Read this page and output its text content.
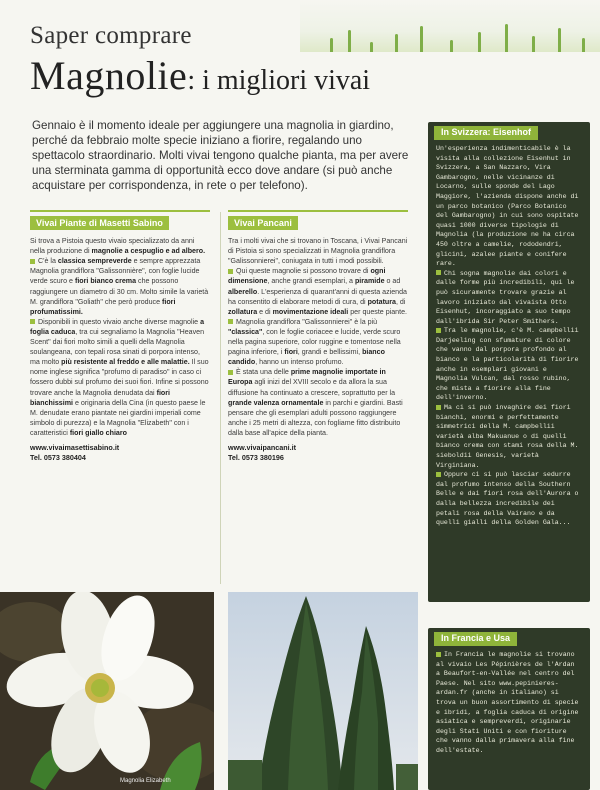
Saper comprare
Magnolie: i migliori vivai
Gennaio è il momento ideale per aggiungere una magnolia in giardino, perché da febbraio molte specie iniziano a fiorire, regalando uno spettacolo straordinario. Molti vivai tengono qualche pianta, ma per avere una sterminata gamma di opportunità ecco dove andare (si può anche acquistare per corrispondenza, in rete o per telefono).
Vivai Piante di Masetti Sabino

Si trova a Pistoia questo vivaio specializzato da anni nella produzione di magnolie a cespuglio e ad albero.

C'è la classica sempreverde e sempre apprezzata Magnolia grandiflora "Galissonnière", con foglie lucide verde scuro e fiori bianco crema che possono raggiungere un diametro di 30 cm. Molto simile la varietà M. grandiflora "Goliath" che però produce fiori profumatissimi.

Disponibili in questo vivaio anche diverse magnolie a foglia caduca, tra cui segnaliamo la Magnolia "Heaven Scent" dai fiori molto simili a quelli della Magnolia soulangeana, con tepali rosa sinati di porpora intenso, ma molto più resistente al freddo e alle malattie. Il suo nome inglese significa "profumo di paradiso" in caso ci fossero dubbi sul profumo dei suoi fiori. Infine si possono trovare anche la Magnolia denudata dai fiori bianchissimi e originaria della Cina (in questo paese le M. denudate erano piantate nei giardini imperiali come simbolo di purezza) e la Magnolia "Elizabeth" con i caratteristici fiori giallo chiaro

www.vivaimasettisabino.it
Tel. 0573 380404
Vivai Pancani

Tra i molti vivai che si trovano in Toscana, i Vivai Pancani di Pistoia si sono specializzati in Magnolia grandiflora "Galissonnierei", coniugata in tutti i modi possibili.

Qui queste magnolie si possono trovare di ogni dimensione, anche grandi esemplari, a piramide o ad alberello. L'esperienza di quarant'anni di questa azienda ha consentito di elaborare metodi di cura, di potatura, di zollatura e di movimentazione ideali per queste piante.

Magnolia grandiflora "Galissonnierei" è la più "classica", con le foglie coriacee e lucide, verde scuro nella pagina superiore, color ruggine e tomentose nella pagina inferiore, i fiori, grandi e bellissimi, bianco candido, hanno un intenso profumo.

È stata una delle prime magnolie importate in Europa agli inizi del XVIII secolo e da allora la sua diffusione ha continuato a crescere, soprattutto per la grande valenza ornamentale in parchi e giardini. Basti pensare che gli esemplari adulti possono raggiungere anche i 25 metri di altezza, con fogliame fitto distribuito dalla base all'apice della pianta.

www.vivaipancani.it
Tel. 0573 380196
In Svizzera: Eisenhof

Un'esperienza indimenticabile è la visita alla collezione Eisenhut in Svizzera, a San Nazzaro, Vira Gambarogno, nelle vicinanze di Locarno, sulle sponde del Lago Maggiore, l'azienda dispone anche di un parco botanico (Parco Botanico del Gambarogno) in cui sono ospitate quasi 1000 diverse tipologie di Magnolia (la produzione ne ha circa 450 oltre a camelie, rododendri, glicini, azalee piante e conifere rare.

Chi sogna magnolie dai colori e dalle forme più incredibili, qui le può sicuramente trovare grazie al lavoro iniziato dal vivaista Otto Eisenhut, incoraggiato a suo tempo dall'ibrida Sir Peter Smithers.

Tra le magnolie, c'è M. campbellii Darjeeling con sfumature di colore che vanno dal porpora profondo al bianco e la particolarità di fiorire anche in esemplari giovani e Magnolia Vulcan, dal rosso rubino, che mista a fiorire alla fine dell'inverno.

Ma ci si può invaghire dei fiori bianchi, enormi e perfettamente simmetrici della M. campbellii varietà alba Makuanue o di quelli bianco crema con stami rosa della M. sieboldii Genesis, varietà Virginiana.

Oppure ci si può lasciar sedurre dal profumo intenso della Southern Belle e dai fiori rosa dell'Aurora o dalla bellezza incredibile dei petali rosa della Vairano e da quelli gialli della Golden Gala...

In Francia e Usa

In Francia le magnolie si trovano al vivaio Les Pépinières de l'Ardan a Beaufort-en-Vallée nel centro del Paese. Nel sito www.pepinieres-ardan.fr (anche in italiano) si trova un buon assortimento di specie e ibridi, a foglia caduca di origine asiatica e sempreverdi, originarie degli Stati Uniti e con fioriture che vanno dalla primavera alla fine dell'estate.

Magnolia Elizabeth
